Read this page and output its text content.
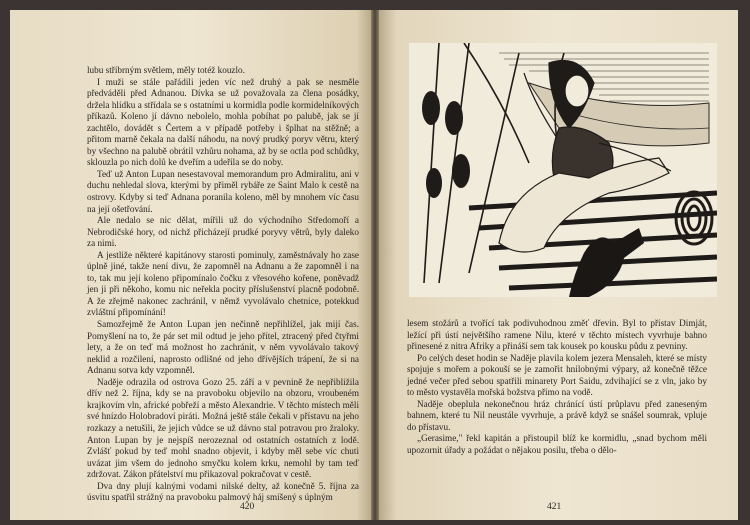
lubu stříbrným světlem, měly totéž kouzlo.

I muži se stále pařádili jeden víc než druhý a pak se nesměle předváděli před Adnanou. Dívka se už považovala za člena posádky, držela hlídku a střídala se s ostatními u kormidla podle kormidelníkových příkazů. Koleno jí dávno nebolelo, mohla pobíhat po palubě, jak se jí zachtělo, dovádět s Čertem a v případě potřeby i šplhat na stěžně; a přitom marně čekala na další náhodu, na nový prudký poryv větru, který by všechno na palubě obrátil vzhůru nohama, až by se octla pod schůdky, sklouzla po nich dolů ke dveřím a udeřila se do noby.

Teď už Anton Lupan nesestavoval memorandum pro Admiralitu, ani v duchu nehledal slova, kterými by přiměl rybáře ze Saint Malo k cestě na ostrovy. Kdyby si teď Adnana poranila koleno, měl by mnohem víc času na její ošetřování.

Ale nedalo se nic dělat, mířili už do východního Středomoří a Nebrodičské hory, od nichž přicházejí prudké poryvy větrů, byly daleko za nimi.

A jestliže některé kapitánovy starosti pominuly, zaměstnávaly ho zase úplně jiné, takže není divu, že zapomněl na Adnanu a že zapomněl i na to, tak mu její koleno připomínalo čočku z vřesového kořene, poněvadž jen ji při někoho, komu nic neřekla pocity příslušenství placně podobně. A že zřejmě nakonec zachránil, v němž vyvolávalo chetnice, potekkud zvláštní připomínání!

Samozřejmě že Anton Lupan jen nečinně nepřihlížel, jak mijí čas. Pomyšlení na to, že pár set mil odtud je jeho přítel, ztracený před čtyřmi lety, a že on teď má možnost ho zachránit, v něm vyvolávalo takový neklid a rozčilení, naprosto odlišné od jeho dřívějších trápení, že si na Adnanu sotva kdy vzpomněl.

Naděje odrazila od ostrova Gozo 25. září a v pevnině že nepřibližila dřív než 2. října, kdy se na pravoboku objevilo na obzoru, vroubeném krajkovím vln, africké pobřeží a město Alexandrie. V těchto místech měli své hnízdo Holobradoví piráti. Možná ještě stále čekali v přístavu na jeho rozkazy a netušili, že jejich vůdce se už dávno stal potravou pro žraloky. Anton Lupan by je nejspíš nerozeznal od ostatních ostatních z lodě. Zvlášť pokud by teď mohl snadno objevit, i kdyby měl sebe víc chuti uvázat jim všem do jednoho smyčku kolem krku, nemohl by tam teď zdržovat. Zákon přátelství mu přikazoval pokračovat v cestě.

Dva dny plují kalnými vodami nilské delty, až konečně 5. října za úsvitu spatřil strážný na pravoboku palmový háj smíšený s úplným

420

lesem stožárů a tvořící tak podivuhodnou změť dřevin. Byl to přístav Dimját, ležící při ústí největšího ramene Nilu, které v těchto místech vyvrhuje bahno přinesené z nitra Afriky a přináší sem tak kousek po kousku půdu z pevniny.

Po celých deset hodin se Naděje plavila kolem jezera Mensaleh, které se místy spojuje s mořem a pokouší se je zamořit hnilobnými výpary, až konečně těžce jedné večer před sebou spatřili minarety Port Saidu, zdvihající se z vln, jako by to město vystavěla mořská božstva přímo na vodě.

Naděje obeplula nekonečnou hráz chránící ústí průplavu před zaneseným bahnem, které tu Nil neustále vyvrhuje, a právě když se snášel soumrak, vpluje do přístavu.

„Gerasime," řekl kapitán a přistoupil blíž ke kormidlu, „snad bychom měli upozornit úřady a požádat o nějakou posilu, třeba o dělo-

421
